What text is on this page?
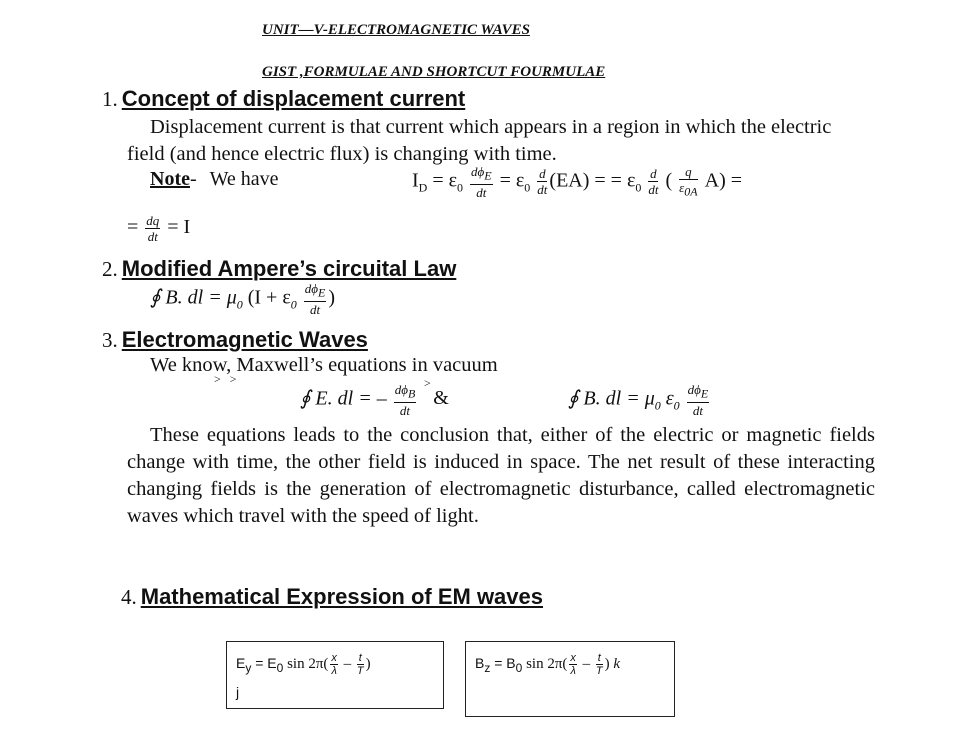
UNIT—V-ELECTROMAGNETIC WAVES
GIST ,FORMULAE AND SHORTCUT FOURMULAE
1. Concept of displacement current
Displacement current is that current which appears in a region in which the electric field (and hence electric flux) is changing with time.
Note- We have	$I_D = \varepsilon_0$
$d\phi_E$
dt
= $\varepsilon_0 \frac{d}{dt} (EA)$ = = $\varepsilon_0 \frac{d}{dt}$ ( $\frac{q}{\varepsilon_{0A}} A$) =
= $\frac{dq}{dt} = I$
2. Modified Ampere’s circuital Law
∮ B. dl = $\mu_0$ ($I + \varepsilon_0$
$d\phi_E$
dt
)
3. Electromagnetic Waves
We know, Maxwell’s equations in vacuum
> >	>
∮ E. dl = – $d\phi_B$
dt
&	∮ B. dl = $\mu_0$ $\varepsilon_0$
$d\phi_E$
dt
These equations leads to the conclusion that, either of the electric or magnetic fields change with time, the other field is induced in space. The net result of these interacting changing fields is the generation of electromagnetic disturbance, called electromagnetic waves which travel with the speed of light.
4. Mathematical Expression of EM waves
$E_y = E_0$ $\sin 2\pi( \frac{x}{\lambda} - \frac{t}{T}$ )
j
$B_z = B_0$ $\sin 2\pi( \frac{x}{\lambda} - \frac{t}{T}$ ) k
